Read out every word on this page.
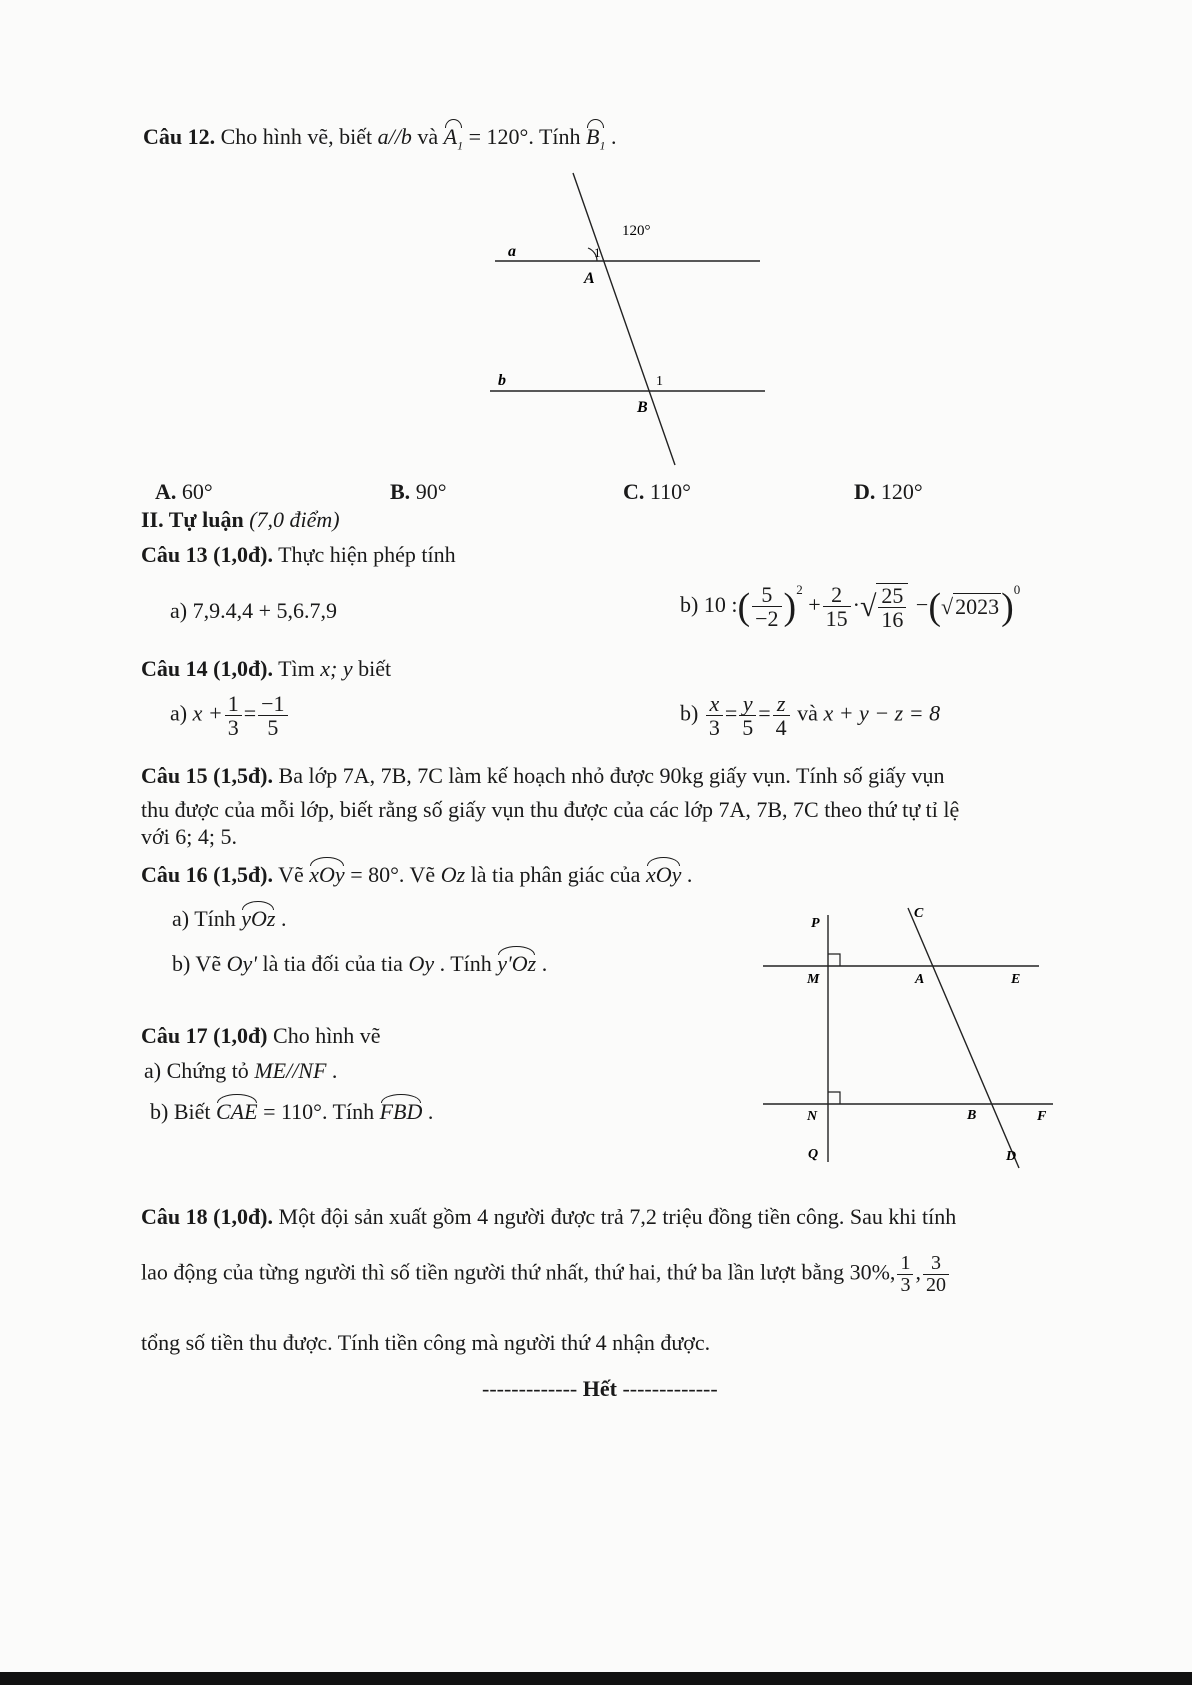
Câu 12. Cho hình vẽ, biết a//b và $A_1 = 120^\circ$. Tính $B_1$ .
120°
a
b
A
B
1
1
A. 60°	B. 90°	C. 110°	D. 120°
II. Tự luận (7,0 điểm)
Câu 13 (1,0đ). Thực hiện phép tính
a) 7,9.4,4 + 5,6.7,9	b) 10 :( $\frac{5}{-2} )^2 + \frac{2}{15}$ ·√ $\frac{25}{16} -(√2023)^0$
Câu 14 (1,0đ). Tìm x; y biết
a) $x + \frac{1}{3} = \frac{-1}{5}$	$b) \frac{x}{3} = \frac{y}{5} = \frac{z}{4}$ và x + y − z = 8
Câu 15 (1,5đ). Ba lớp 7A, 7B, 7C làm kế hoạch nhỏ được 90kg giấy vụn. Tính số giấy vụn
thu được của mỗi lớp, biết rằng số giấy vụn thu được của các lớp 7A, 7B, 7C theo thứ tự tỉ lệ
với 6; 4; 5.
Câu 16 (1,5đ). Vẽ xOy = 80°. Vẽ Oz là tia phân giác của xOy .
a) Tính yOz .
b) Vẽ Oy' là tia đối của tia Oy . Tính y'Oz .
Câu 17 (1,0đ) Cho hình vẽ
a) Chứng tỏ ME//NF .
b) Biết CAE = 110°. Tính FBD .
P
C
M	A	E
N	B	F
Q	D
Câu 18 (1,0đ). Một đội sản xuất gồm 4 người được trả 7,2 triệu đồng tiền công. Sau khi tính
lao động của từng người thì số tiền người thứ nhất, thứ hai, thứ ba lần lượt bằng 30%, $\frac{1}{3}$ , $\frac{3}{20}$
tổng số tiền thu được. Tính tiền công mà người thứ 4 nhận được.
------------- Hết -------------
